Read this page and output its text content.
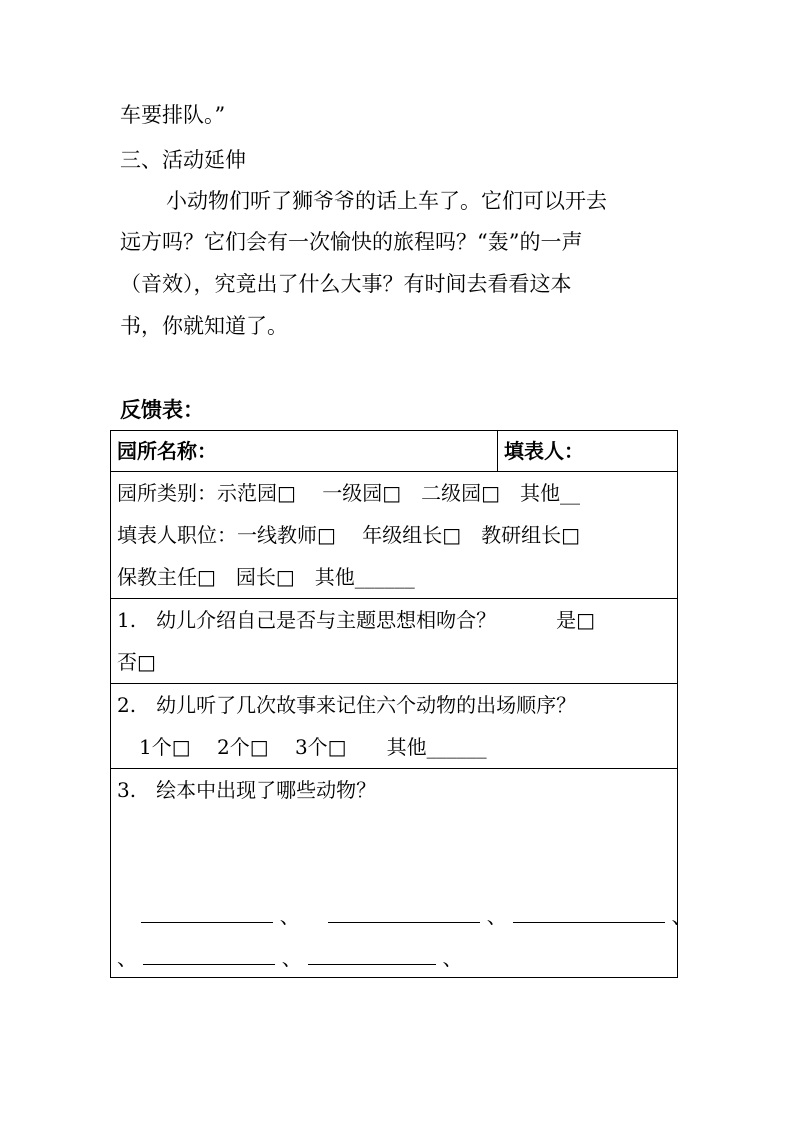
车要排队。”
三、活动延伸
小动物们听了狮爷爷的话上车了。它们可以开去
远方吗？它们会有一次愉快的旅程吗？“轰”的一声
（音效），究竟出了什么大事？有时间去看看这本
书，你就知道了。
反馈表：
园所名称：	填表人：

园所类别：示范园□　 一级园□　二级园□　其他__
填表人职位：一线教师□　 年级组长□　教研组长□
保教主任□　园长□　其他______

1.　幼儿介绍自己是否与主题思想相吻合？　　　是□
否□

2.　幼儿听了几次故事来记住六个动物的出场顺序？
1个□　 2个□　 3个□　　其他______

3.　绘本中出现了哪些动物？
、	、	、
、	、	、
